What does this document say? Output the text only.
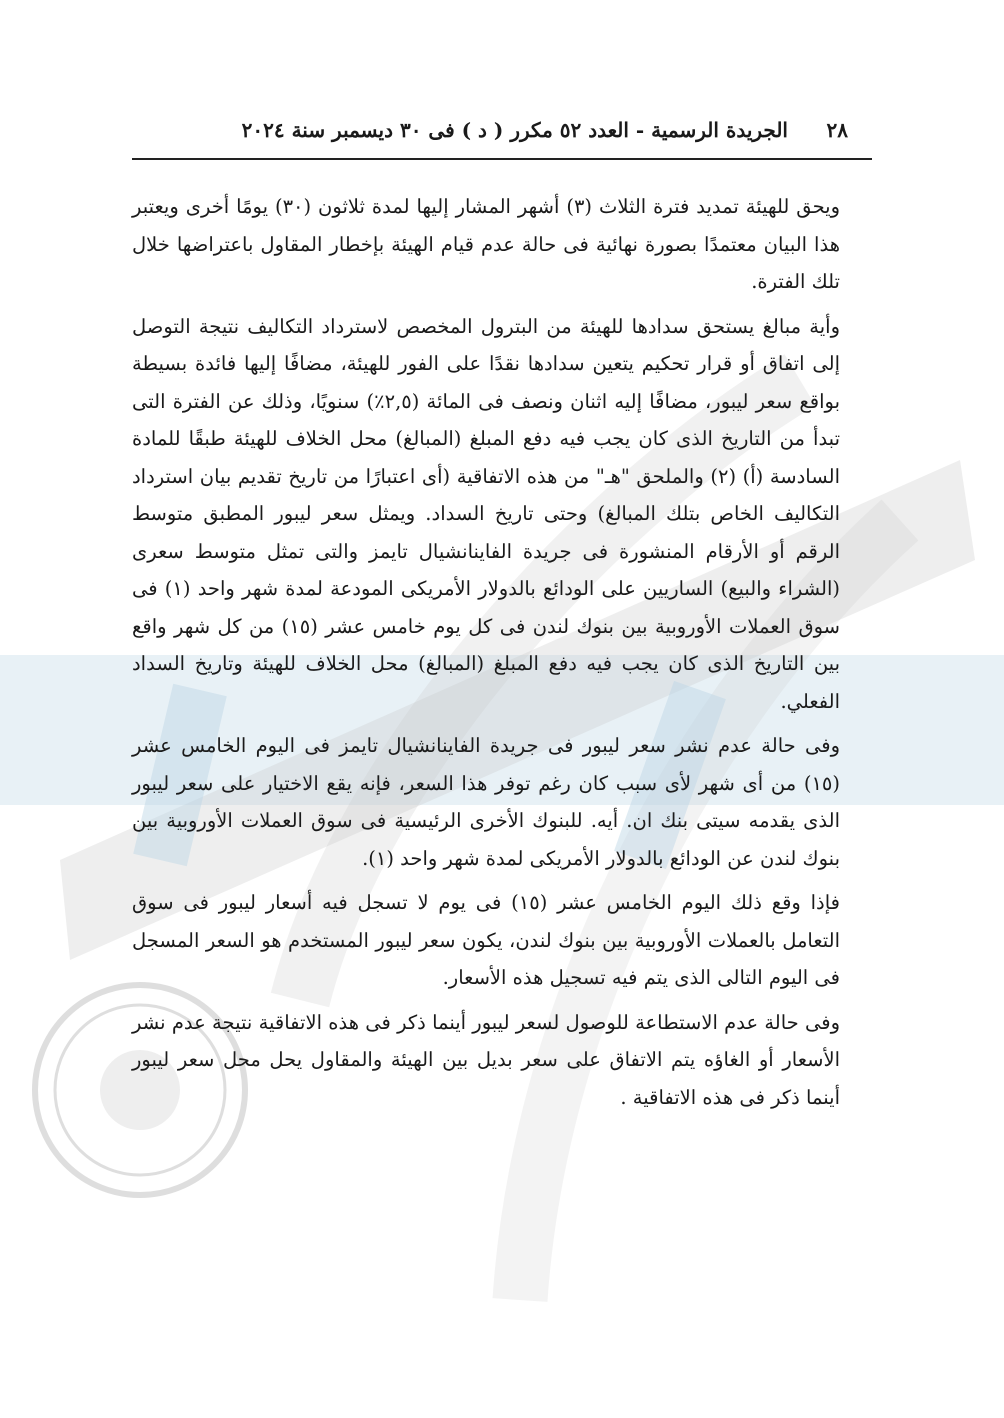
٢٨
الجريدة الرسمية - العدد ٥٢ مكرر ( د ) فى ٣٠ ديسمبر سنة ٢٠٢٤

ويحق للهيئة تمديد فترة الثلاث (٣) أشهر المشار إليها لمدة ثلاثون (٣٠) يومًا أخرى ويعتبر هذا البيان معتمدًا بصورة نهائية فى حالة عدم قيام الهيئة بإخطار المقاول باعتراضها خلال تلك الفترة.

وأية مبالغ يستحق سدادها للهيئة من البترول المخصص لاسترداد التكاليف نتيجة التوصل إلى اتفاق أو قرار تحكيم يتعين سدادها نقدًا على الفور للهيئة، مضافًا إليها فائدة بسيطة بواقع سعر ليبور، مضافًا إليه اثنان ونصف فى المائة (٢,٥٪) سنويًا، وذلك عن الفترة التى تبدأ من التاريخ الذى كان يجب فيه دفع المبلغ (المبالغ) محل الخلاف للهيئة طبقًا للمادة السادسة (أ) (٢) والملحق "هـ" من هذه الاتفاقية (أى اعتبارًا من تاريخ تقديم بيان استرداد التكاليف الخاص بتلك المبالغ) وحتى تاريخ السداد. ويمثل سعر ليبور المطبق متوسط الرقم أو الأرقام المنشورة فى جريدة الفاينانشيال تايمز والتى تمثل متوسط سعرى (الشراء والبيع) الساريين على الودائع بالدولار الأمريكى المودعة لمدة شهر واحد (١) فى سوق العملات الأوروبية بين بنوك لندن فى كل يوم خامس عشر (١٥) من كل شهر واقع بين التاريخ الذى كان يجب فيه دفع المبلغ (المبالغ) محل الخلاف للهيئة وتاريخ السداد الفعلي.

وفى حالة عدم نشر سعر ليبور فى جريدة الفاينانشيال تايمز فى اليوم الخامس عشر (١٥) من أى شهر لأى سبب كان رغم توفر هذا السعر، فإنه يقع الاختيار على سعر ليبور الذى يقدمه سيتى بنك ان. أيه. للبنوك الأخرى الرئيسية فى سوق العملات الأوروبية بين بنوك لندن عن الودائع بالدولار الأمريكى لمدة شهر واحد (١).

فإذا وقع ذلك اليوم الخامس عشر (١٥) فى يوم لا تسجل فيه أسعار ليبور فى سوق التعامل بالعملات الأوروبية بين بنوك لندن، يكون سعر ليبور المستخدم هو السعر المسجل فى اليوم التالى الذى يتم فيه تسجيل هذه الأسعار.

وفى حالة عدم الاستطاعة للوصول لسعر ليبور أينما ذكر فى هذه الاتفاقية نتيجة عدم نشر الأسعار أو الغاؤه يتم الاتفاق على سعر بديل بين الهيئة والمقاول يحل محل سعر ليبور أينما ذكر فى هذه الاتفاقية .
